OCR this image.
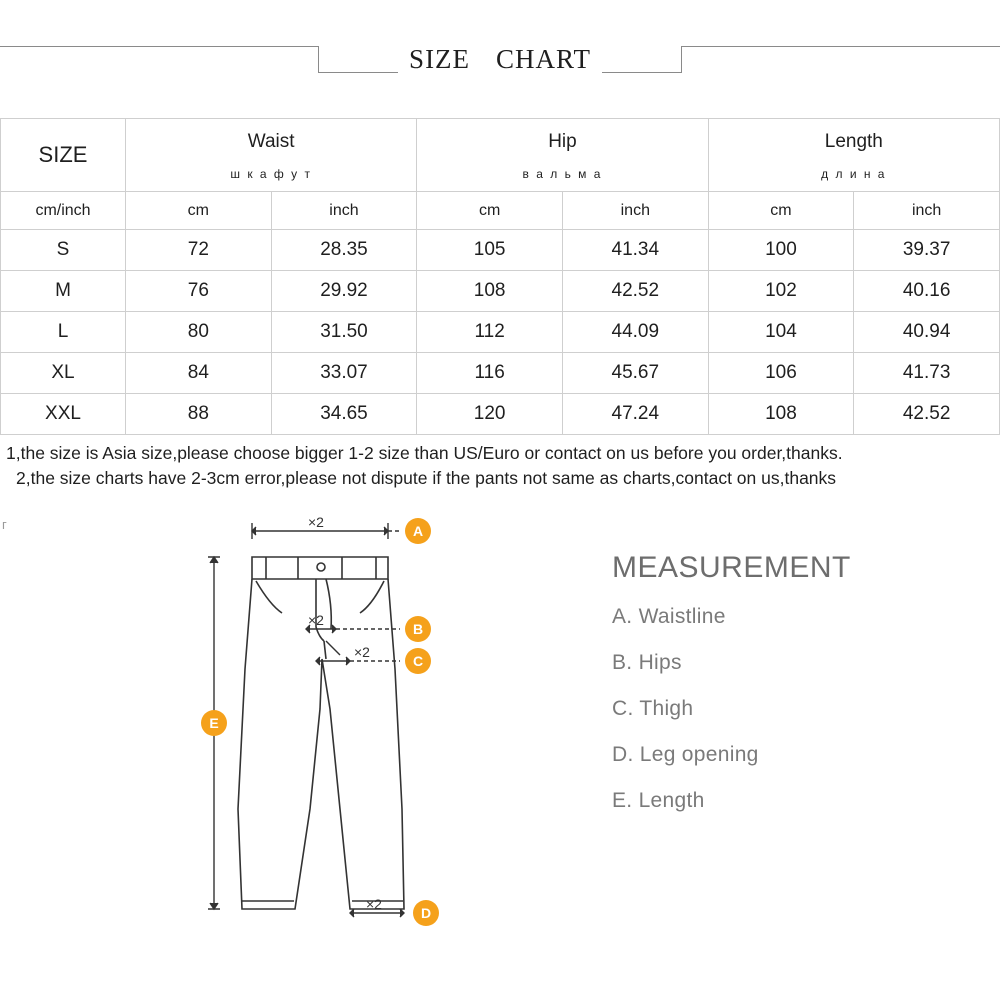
SIZE CHART
SIZE	Waist		Hip		Length	
	ш к а ф у т		в а л ь м а		д л и н а	
cm/inch	cm	inch	cm	inch	cm	inch
S	72	28.35	105	41.34	100	39.37
M	76	29.92	108	42.52	102	40.16
L	80	31.50	112	44.09	104	40.94
XL	84	33.07	116	45.67	106	41.73
XXL	88	34.65	120	47.24	108	42.52
1,the size is Asia size,please choose bigger 1-2 size than US/Euro or contact on us before you order,thanks.
2,the size charts have 2-3cm error,please not dispute if the pants not same as charts,contact on us,thanks
г	×2
×2
×2
×2
A
B
C
D
E
MEASUREMENT
A. Waistline
B. Hips
C. Thigh
D. Leg opening
E. Length
